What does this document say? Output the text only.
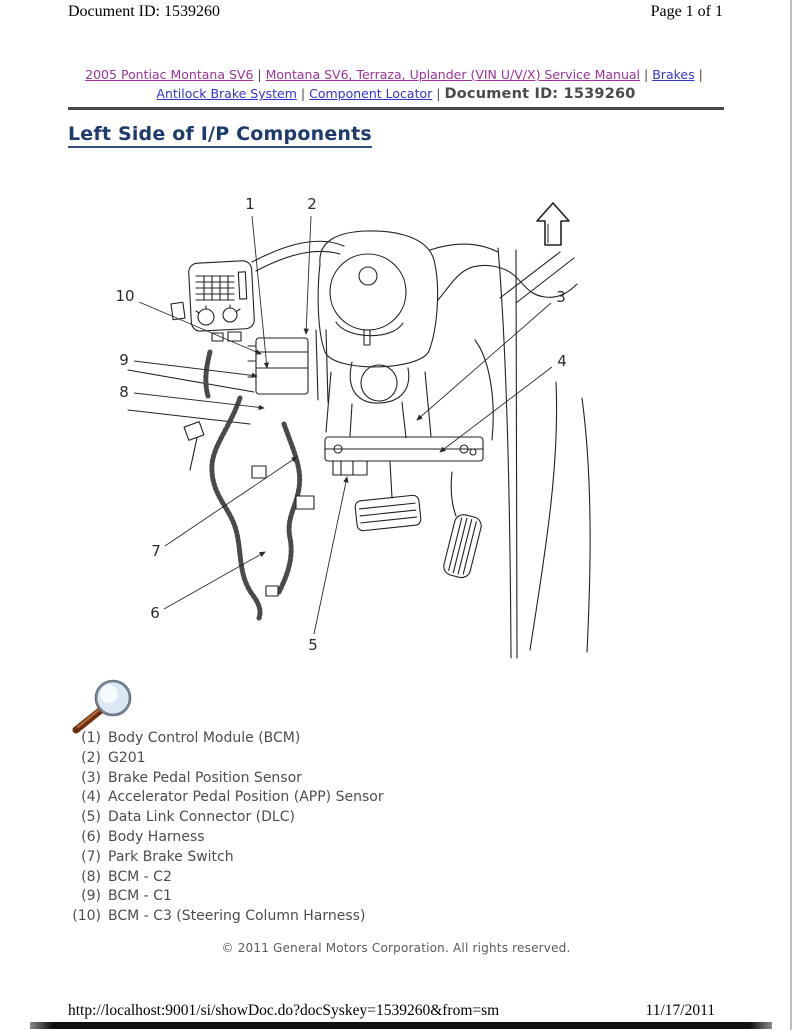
Document ID: 1539260	Page 1 of 1
2005 Pontiac Montana SV6 | Montana SV6, Terraza, Uplander (VIN U/V/X) Service Manual | Brakes |
Antilock Brake System | Component Locator | Document ID: 1539260
Left Side of I/P Components
1	2
3
4
5
6
7
8
9
10
(1) Body Control Module (BCM)
(2) G201
(3) Brake Pedal Position Sensor
(4) Accelerator Pedal Position (APP) Sensor
(5) Data Link Connector (DLC)
(6) Body Harness
(7) Park Brake Switch
(8) BCM - C2
(9) BCM - C1
(10) BCM - C3 (Steering Column Harness)
© 2011 General Motors Corporation. All rights reserved.
http://localhost:9001/si/showDoc.do?docSyskey=1539260&from=sm	11/17/2011
